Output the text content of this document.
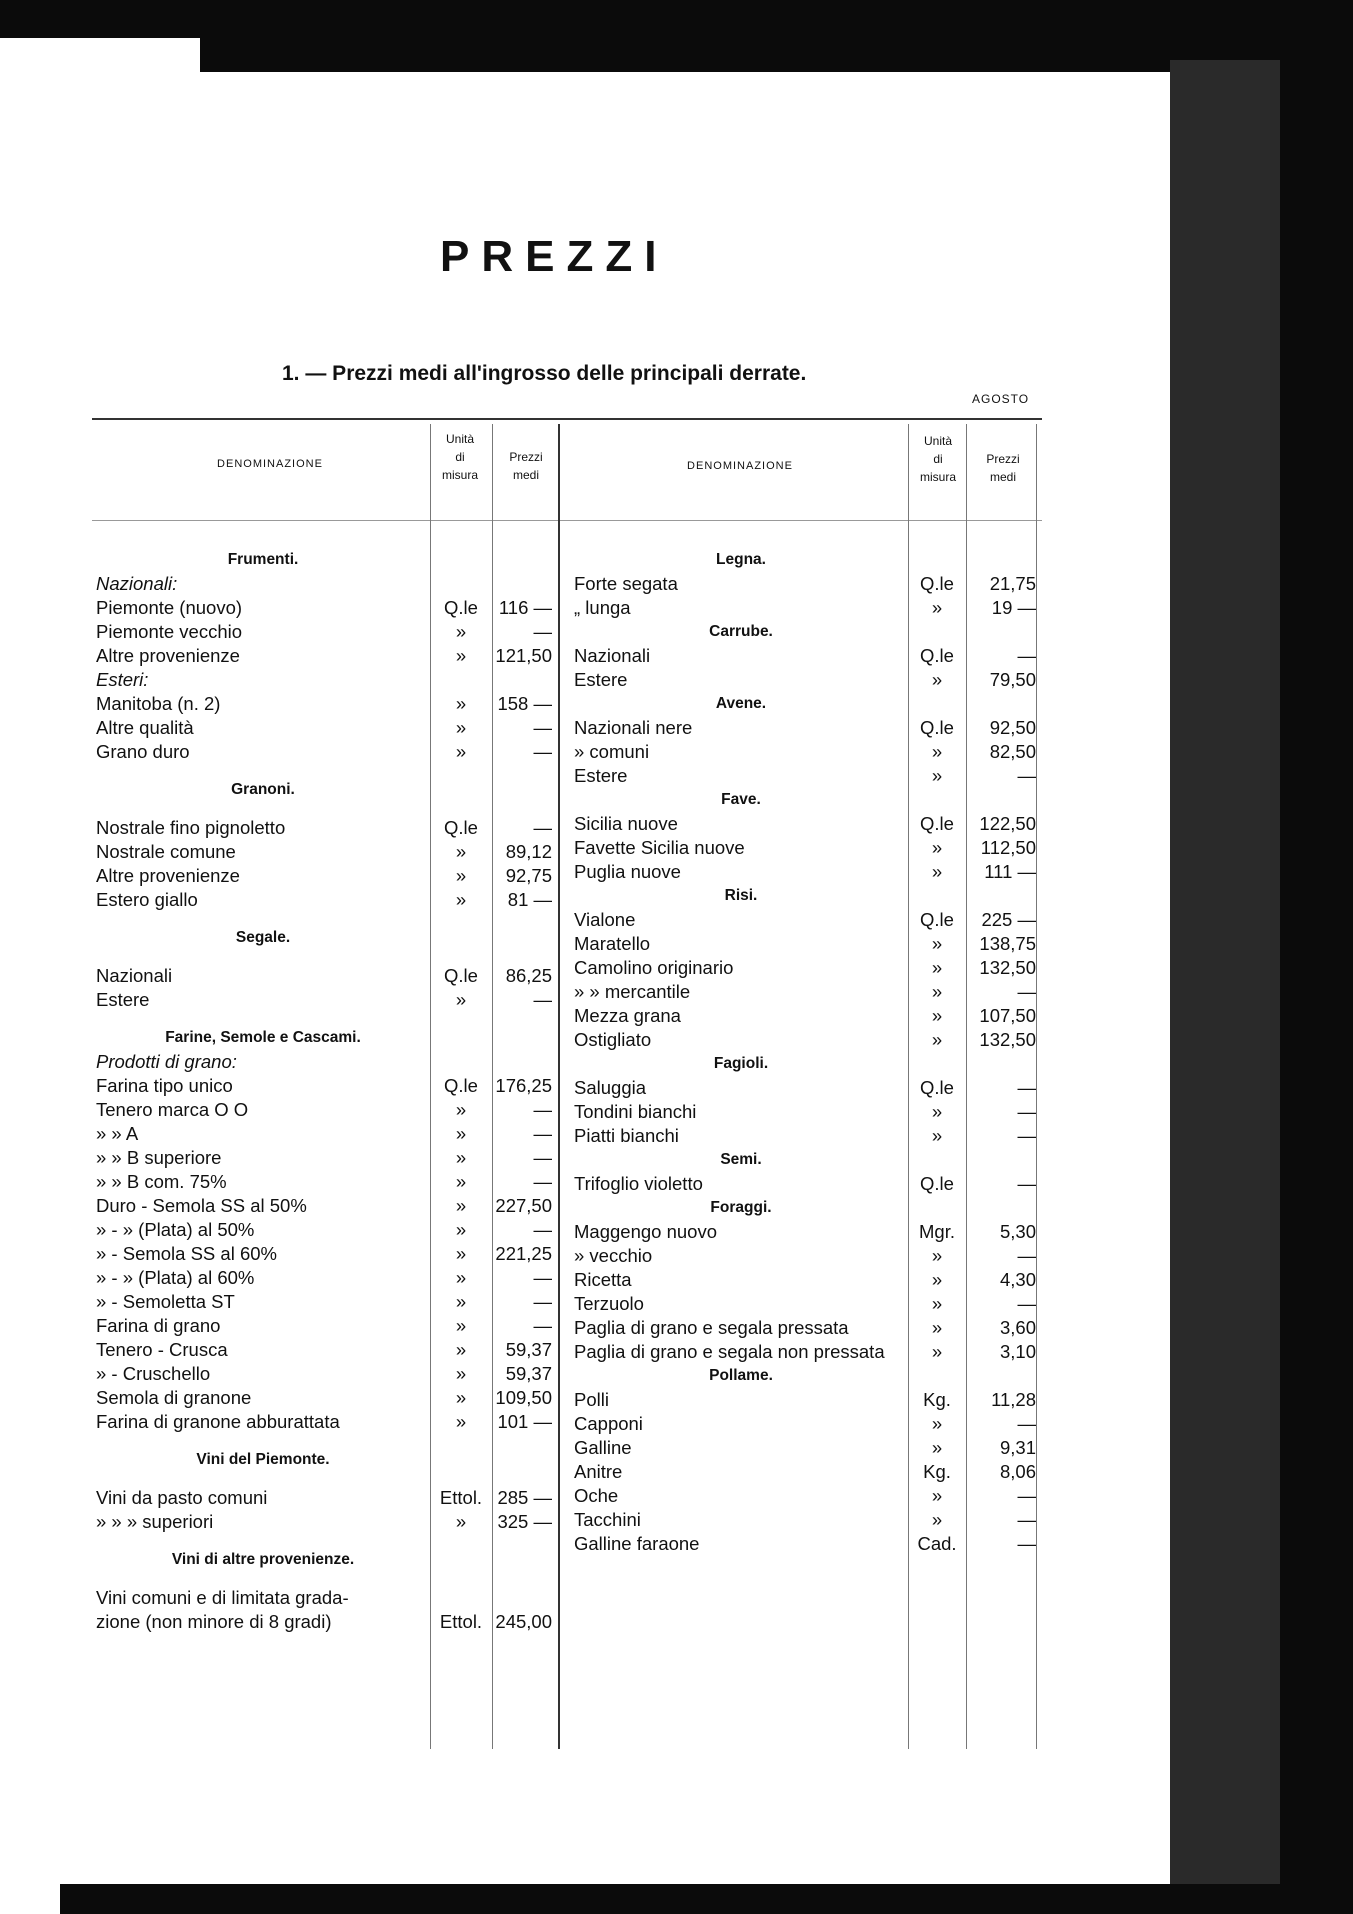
PREZZI
1. — Prezzi medi all'ingrosso delle principali derrate.
AGOSTO
DENOMINAZIONE
Unità
di
misura
Prezzi
medi
DENOMINAZIONE
Unità
di
misura
Prezzi
medi
Frumenti.
Nazionali:
Piemonte (nuovo)	Q.le	116 —
Piemonte vecchio	»	—
Altre provenienze	»	121,50
Esteri:
Manitoba (n. 2)	»	158 —
Altre qualità	»	—
Grano duro	»	—
Granoni.
Nostrale fino pignoletto	Q.le	—
Nostrale comune	»	89,12
Altre provenienze	»	92,75
Estero giallo	»	81 —
Segale.
Nazionali	Q.le	86,25
Estere	»	—
Farine, Semole e Cascami.
Prodotti di grano:
Farina tipo unico	Q.le 176,25
Tenero marca O O	»	—
» » A	»	—
» » B superiore	»	—
» » B com. 75%	»	—
Duro - Semola SS al 50%	»	227,50
» - » (Plata) al 50%	»	—
» - Semola SS al 60%	»	221,25
» - » (Plata) al 60%	»	—
» - Semoletta ST	»	—
Farina di grano	»	—
Tenero - Crusca	»	59,37
» - Cruschello	»	59,37
Semola di granone	»	109,50
Farina di granone abburattata	»	101 —
Vini del Piemonte.
Vini da pasto comuni	Ettol. 285 —
» » » superiori	»	325 —
Vini di altre provenienze.
Vini comuni e di limitata grada-
zione (non minore di 8 gradi)	Ettol. 245,00
Legna.
Forte segata	Q.le	21,75
„ lunga	»	19 —
Carrube.
Nazionali	Q.le	—
Estere	»	79,50
Avene.
Nazionali nere	Q.le	92,50
» comuni	»	82,50
Estere	»	—
Fave.
Sicilia nuove	Q.le	122,50
Favette Sicilia nuove	»	112,50
Puglia nuove	»	111 —
Risi.
Vialone	Q.le	225 —
Maratello	»	138,75
Camolino originario	»	132,50
» » mercantile	»	—
Mezza grana	»	107,50
Ostigliato	»	132,50
Fagioli.
Saluggia	Q.le	—
Tondini bianchi	»	—
Piatti bianchi	»	—
Semi.
Trifoglio violetto	Q.le	—
Foraggi.
Maggengo nuovo	Mgr.	5,30
» vecchio	»	—
Ricetta	»	4,30
Terzuolo	»	—
Paglia di grano e segala pressata	»	3,60
Paglia di grano e segala non pressata	»	3,10
Pollame.
Polli	Kg.	11,28
Capponi	»	—
Galline	»	9,31
Anitre	Kg.	8,06
Oche	»	—
Tacchini	»	—
Galline faraone	Cad.	—
